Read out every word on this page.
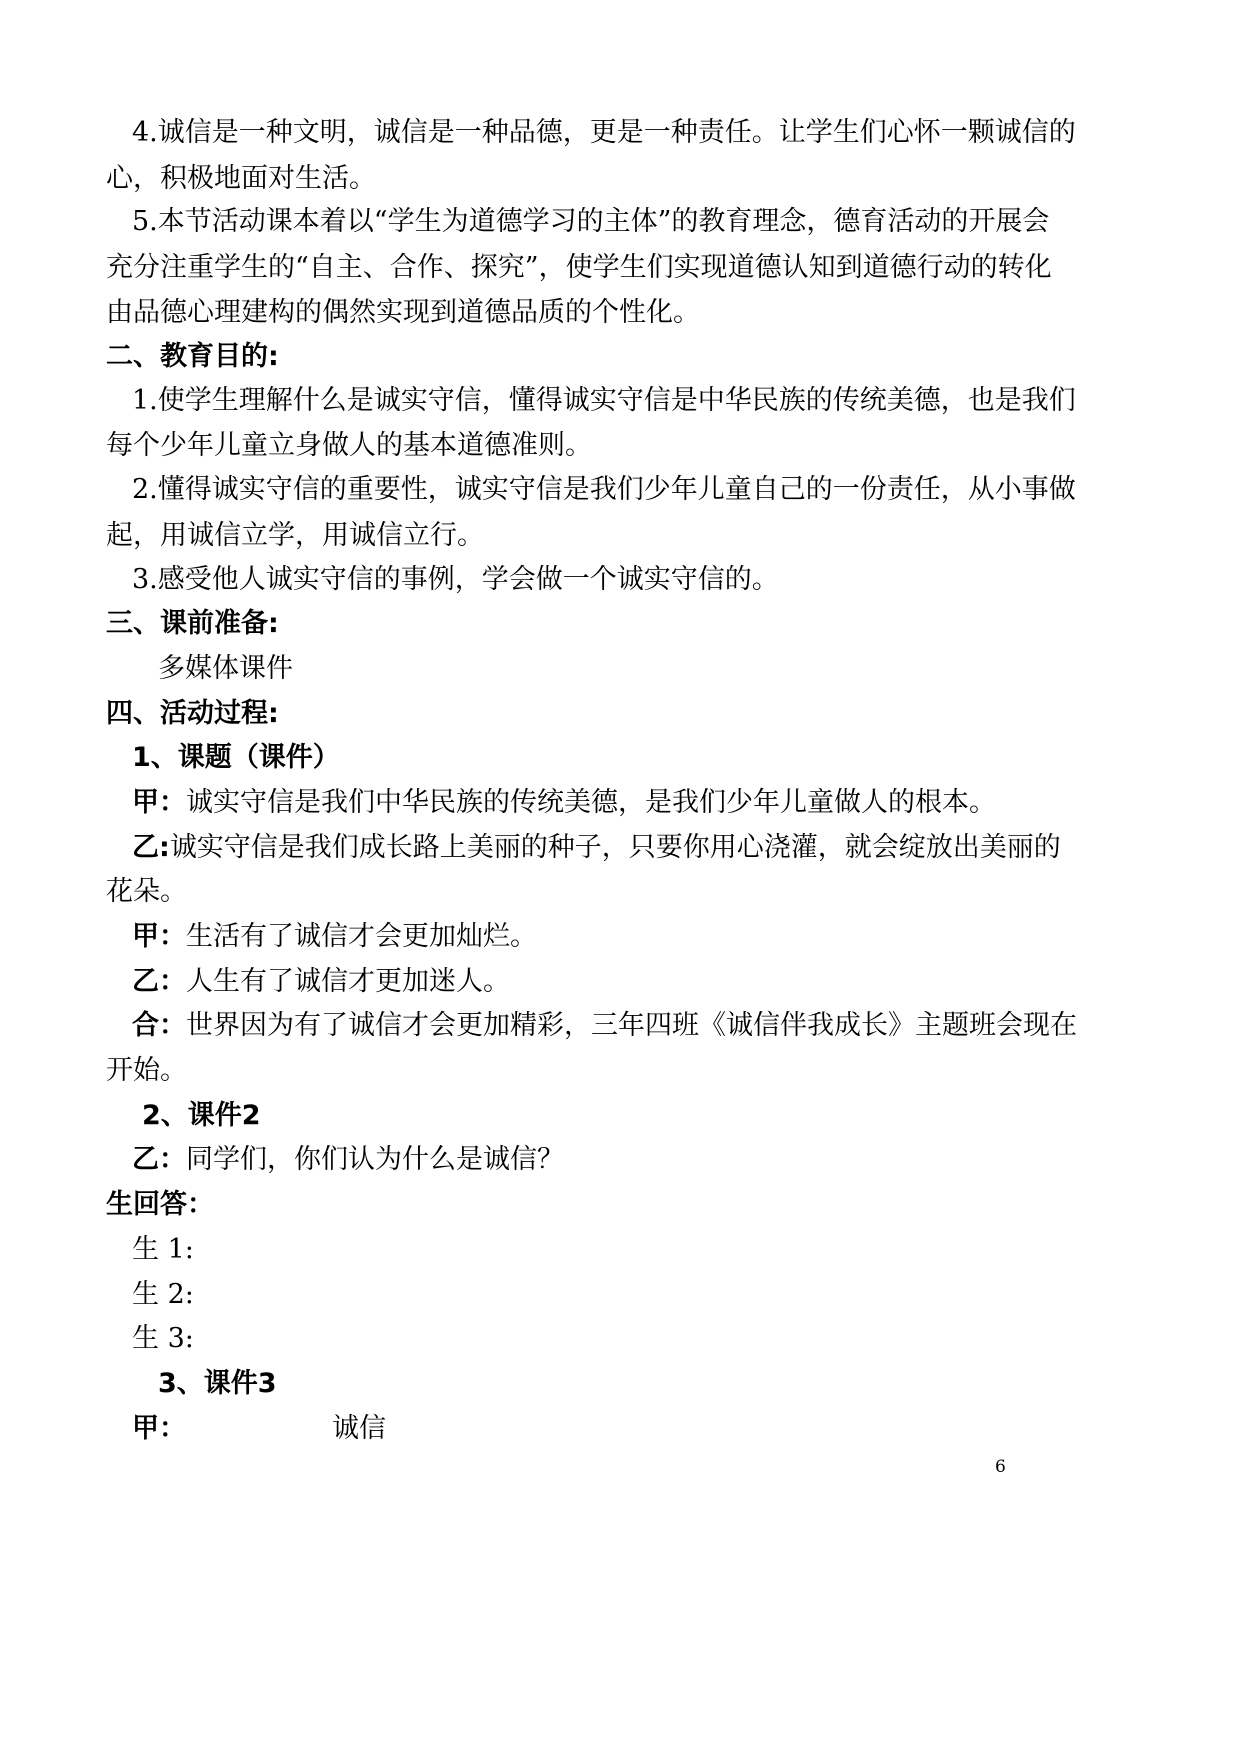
4.诚信是一种文明，诚信是一种品德，更是一种责任。让学生们心怀一颗诚信的
心，积极地面对生活。
5.本节活动课本着以“学生为道德学习的主体”的教育理念，德育活动的开展会
充分注重学生的“自主、合作、探究”，使学生们实现道德认知到道德行动的转化
由品德心理建构的偶然实现到道德品质的个性化。
二、教育目的:
1.使学生理解什么是诚实守信，懂得诚实守信是中华民族的传统美德，也是我们
每个少年儿童立身做人的基本道德准则。
2.懂得诚实守信的重要性，诚实守信是我们少年儿童自己的一份责任，从小事做
起，用诚信立学，用诚信立行。
3.感受他人诚实守信的事例，学会做一个诚实守信的。
三、课前准备:
多媒体课件
四、活动过程:
1、课题（课件）
甲：诚实守信是我们中华民族的传统美德，是我们少年儿童做人的根本。
乙: 诚实守信是我们成长路上美丽的种子，只要你用心浇灌，就会绽放出美丽的
花朵。
甲：生活有了诚信才会更加灿烂。
乙：人生有了诚信才更加迷人。
合：世界因为有了诚信才会更加精彩，三年四班《诚信伴我成长》主题班会现在
开始。
2、课件2
乙：同学们，你们认为什么是诚信？
生回答：
生 1:
生 2:
生 3:
3、课件3
甲：	诚信
6
